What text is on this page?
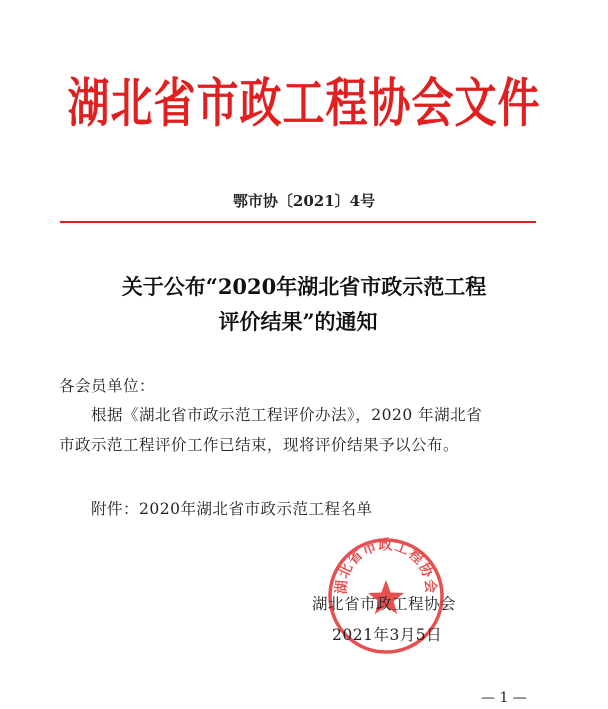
湖北省市政工程协会文件
鄂市协〔2021〕4号
关于公布“2020年湖北省市政示范工程
评价结果”的通知
各会员单位：
根据《湖北省市政示范工程评价办法》，2020 年湖北省
市政示范工程评价工作已结束，现将评价结果予以公布。
附件：2020年湖北省市政示范工程名单
湖北省市政工程协会
湖北省市政工程协会
2021年3月5日
— 1 —
